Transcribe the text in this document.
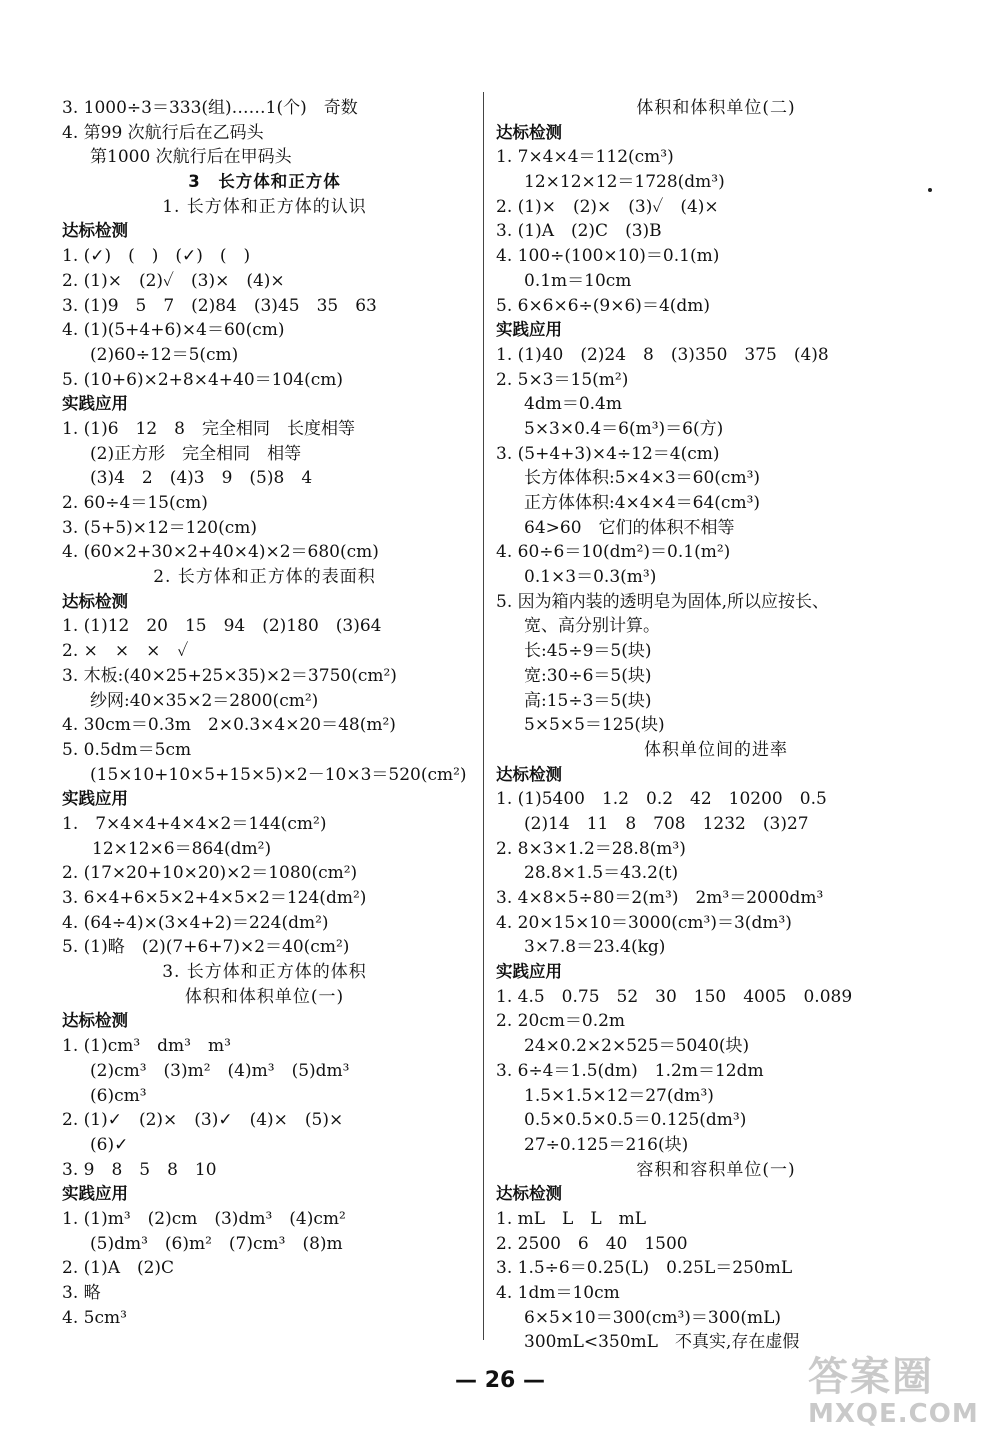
3. 1000÷3＝333(组)……1(个)　奇数
4. 第99 次航行后在乙码头
第1000 次航行后在甲码头
3　长方体和正方体
1. 长方体和正方体的认识
达标检测
1. (✓)　(　)　(✓)　(　)
2. (1)×　(2)✓　(3)×　(4)×
3. (1)9　5　7　(2)84　(3)45　35　63
4. (1)(5+4+6)×4＝60(cm)
(2)60÷12＝5(cm)
5. (10+6)×2+8×4+40＝104(cm)
实践应用
1. (1)6　12　8　完全相同　长度相等
(2)正方形　完全相同　相等
(3)4　2　(4)3　9　(5)8　4
2. 60÷4＝15(cm)
3. (5+5)×12＝120(cm)
4. (60×2+30×2+40×4)×2＝680(cm)
2. 长方体和正方体的表面积
达标检测
1. (1)12　20　15　94　(2)180　(3)64
2. ×　×　×　✓
3. 木板:(40×25+25×35)×2＝3750(cm²)
纱网:40×35×2＝2800(cm²)
4. 30cm＝0.3m　2×0.3×4×20＝48(m²)
5. 0.5dm＝5cm
(15×10+10×5+15×5)×2－10×3＝520(cm²)
实践应用
1.　7×4×4+4×4×2＝144(cm²)
12×12×6＝864(dm²)
2. (17×20+10×20)×2＝1080(cm²)
3. 6×4+6×5×2+4×5×2＝124(dm²)
4. (64÷4)×(3×4+2)＝224(dm²)
5. (1)略　(2)(7+6+7)×2＝40(cm²)
3. 长方体和正方体的体积
体积和体积单位(一)
达标检测
1. (1)cm³　dm³　m³
(2)cm³　(3)m²　(4)m³　(5)dm³
(6)cm³
2. (1)✓　(2)×　(3)✓　(4)×　(5)×
(6)✓
3. 9　8　5　8　10
实践应用
1. (1)m³　(2)cm　(3)dm³　(4)cm²
(5)dm³　(6)m²　(7)cm³　(8)m
2. (1)A　(2)C
3. 略
4. 5cm³
体积和体积单位(二)
达标检测
1. 7×4×4＝112(cm³)
12×12×12＝1728(dm³)
2. (1)×　(2)×　(3)✓　(4)×
3. (1)A　(2)C　(3)B
4. 100÷(100×10)＝0.1(m)
0.1m＝10cm
5. 6×6×6÷(9×6)＝4(dm)
实践应用
1. (1)40　(2)24　8　(3)350　375　(4)8
2. 5×3＝15(m²)
4dm＝0.4m
5×3×0.4＝6(m³)＝6(方)
3. (5+4+3)×4÷12＝4(cm)
长方体体积:5×4×3＝60(cm³)
正方体体积:4×4×4＝64(cm³)
64>60　它们的体积不相等
4. 60÷6＝10(dm²)＝0.1(m²)
0.1×3＝0.3(m³)
5. 因为箱内装的透明皂为固体,所以应按长、
宽、高分别计算。
长:45÷9＝5(块)
宽:30÷6＝5(块)
高:15÷3＝5(块)
5×5×5＝125(块)
体积单位间的进率
达标检测
1. (1)5400　1.2　0.2　42　10200　0.5
(2)14　11　8　708　1232　(3)27
2. 8×3×1.2＝28.8(m³)
28.8×1.5＝43.2(t)
3. 4×8×5÷80＝2(m³)　2m³＝2000dm³
4. 20×15×10＝3000(cm³)＝3(dm³)
3×7.8＝23.4(kg)
实践应用
1. 4.5　0.75　52　30　150　4005　0.089
2. 20cm＝0.2m
24×0.2×2×525＝5040(块)
3. 6÷4＝1.5(dm)　1.2m＝12dm
1.5×1.5×12＝27(dm³)
0.5×0.5×0.5＝0.125(dm³)
27÷0.125＝216(块)
容积和容积单位(一)
达标检测
1. mL　L　L　mL
2. 2500　6　40　1500
3. 1.5÷6＝0.25(L)　0.25L＝250mL
4. 1dm＝10cm
6×5×10＝300(cm³)＝300(mL)
300mL<350mL　不真实,存在虚假
— 26 —	答案圈
MXQE.COM
